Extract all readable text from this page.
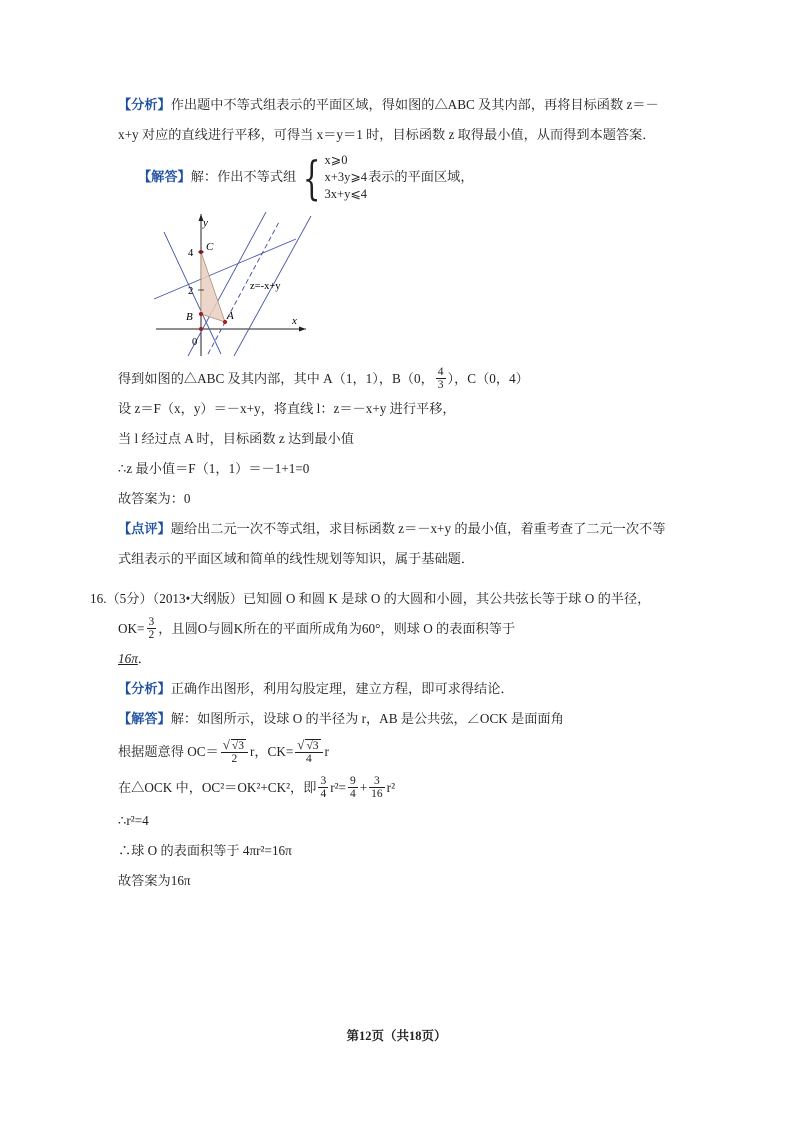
【分析】作出题中不等式组表示的平面区域，得如图的△ABC 及其内部，再将目标函数 z＝－x+y 对应的直线进行平移，可得当 x＝y＝1 时，目标函数 z 取得最小值，从而得到本题答案．
【解答】解：作出不等式组 { x⩾0
x+3y⩾4
3x+y⩽4
表示的平面区域，
y
x
4
2
C
B	A
0
z=-x+y
得到如图的△ABC 及其内部，其中 A（1，1），B（0， $\frac{4}{3}$ ），C（0，4）
设 z＝F（x，y）＝－x+y，将直线 l：z＝－x+y 进行平移，
当 l 经过点 A 时，目标函数 z 达到最小值
∴z 最小值＝F（1，1）＝－1+1=0
故答案为：0
【点评】题给出二元一次不等式组，求目标函数 z＝－x+y 的最小值，着重考查了二元一次不等式组表示的平面区域和简单的线性规划等知识，属于基础题．
16.（5分）（2013•大纲版）已知圆 O 和圆 K 是球 O 的大圆和小圆，其公共弦长等于球 O 的半径，
$OK= \frac{3}{2}$ ，且圆O与圆K所在的平面所成角为60°，则球 O 的表面积等于
16π．
【分析】正确作出图形，利用勾股定理，建立方程，即可求得结论．
【解答】解：如图所示，设球 O 的半径为 r，AB 是公共弦，∠OCK 是面面角
根据题意得 $OC= \frac{√ √3}{2}$ r，$CK= \frac{√ √3}{4}$ r
在△OCK 中，OC²＝OK²+CK²，即 $\frac{3}{4} r^2= \frac{9}{4} + \frac{3}{16} r^2$
∴r²=4
∴球 O 的表面积等于 4πr²=16π
故答案为16π
第12页（共18页）
